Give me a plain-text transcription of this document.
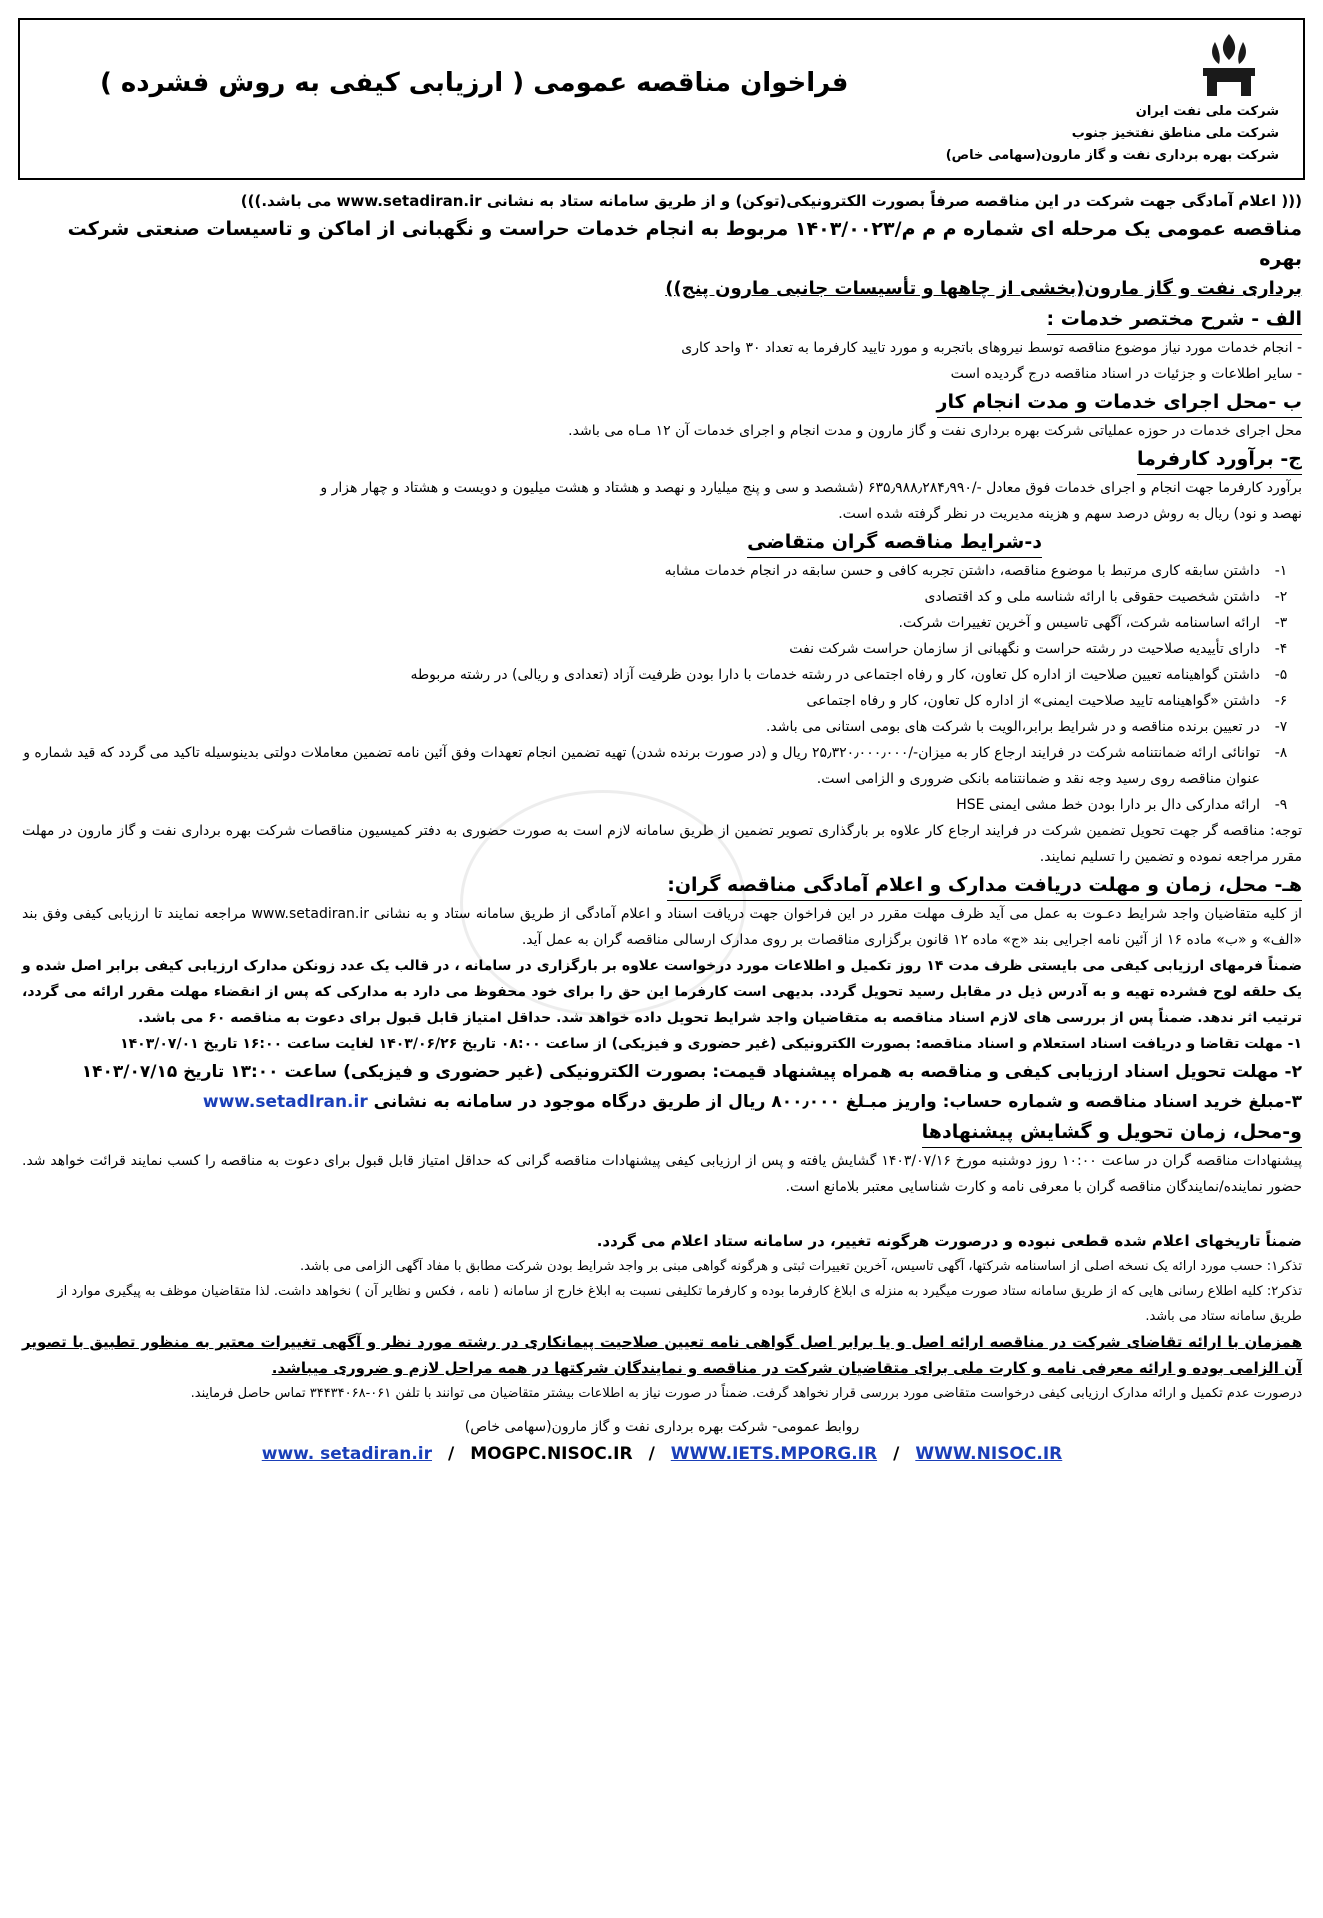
شرکت ملی نفت ایران
شرکت ملی مناطق نفتخیز جنوب
شرکت بهره برداری نفت و گاز مارون(سهامی خاص)
فراخوان مناقصه عمومی ( ارزیابی کیفی به روش فشرده )

((( اعلام آمادگی جهت شرکت در این مناقصه صرفاً بصورت الکترونیکی(توکن) و از طریق سامانه ستاد به نشانی www.setadiran.ir می باشد.)))

مناقصه عمومی یک مرحله ای شماره م م م/۱۴۰۳/۰۰۲۳ مربوط به انجام خدمات حراست و نگهبانی از اماکن و تاسیسات صنعتی شرکت بهره

برداری نفت و گاز مارون(بخشی از چاهها و تأسیسات جانبی مارون پنج))

الف - شرح مختصر خدمات :

- انجام خدمات مورد نیاز موضوع مناقصه توسط نیروهای باتجربه و مورد تایید کارفرما به تعداد ۳۰ واحد کاری

- سایر اطلاعات و جزئیات در اسناد مناقصه درج گردیده است

ب -محل اجرای خدمات و مدت انجام کار

محل اجرای خدمات در حوزه عملیاتی شرکت بهره برداری نفت و گاز مارون و مدت انجام و اجرای خدمات آن ۱۲ مـاه می باشد.

ج- برآورد کارفرما

برآورد کارفرما جهت انجام و اجرای خدمات فوق معادل -/۶۳۵٫۹۸۸٫۲۸۴٫۹۹۰ (ششصد و سی و پنج میلیارد و نهصد و هشتاد و هشت میلیون و دویست و هشتاد و چهار هزار و

نهصد و نود) ریال به روش درصد سهم و هزینه مدیریت در نظر گرفته شده است.

د-شرایط مناقصه گران متقاضی
۱-
داشتن سابقه کاری مرتبط با موضوع مناقصه، داشتن تجربه کافی و حسن سابقه در انجام خدمات مشابه
۲-
داشتن شخصیت حقوقی با ارائه شناسه ملی و کد اقتصادی
۳-
ارائه اساسنامه شرکت، آگهی تاسیس و آخرین تغییرات شرکت.
۴-
دارای تأییدیه صلاحیت در رشته حراست و نگهبانی از سازمان حراست شرکت نفت
۵-
داشتن گواهینامه تعیین صلاحیت از اداره کل تعاون، کار و رفاه اجتماعی در رشته خدمات با دارا بودن ظرفیت آزاد (تعدادی و ریالی) در رشته مربوطه
۶-
داشتن «گواهینامه تایید صلاحیت ایمنی» از اداره کل تعاون، کار و رفاه اجتماعی
۷-
در تعیین برنده مناقصه و در شرایط برابر،الویت با شرکت های بومی استانی می باشد.
۸-
توانائی ارائه ضمانتنامه شرکت در فرایند ارجاع کار به میزان-/۲۵٫۳۲۰٫۰۰۰٫۰۰۰ ریال و (در صورت برنده شدن) تهیه تضمین انجام تعهدات وفق آئین نامه تضمین معاملات دولتی بدینوسیله تاکید می گردد که قید شماره و عنوان مناقصه روی رسید وجه نقد و ضمانتنامه بانکی ضروری و الزامی است.
۹-
ارائه مدارکی دال بر دارا بودن خط مشی ایمنی HSE

توجه: مناقصه گر جهت تحویل تضمین شرکت در فرایند ارجاع کار علاوه بر بارگذاری تصویر تضمین از طریق سامانه لازم است به صورت حضوری به دفتر کمیسیون مناقصات شرکت بهره برداری نفت و گاز مارون در مهلت مقرر مراجعه نموده و تضمین را تسلیم نمایند.

هـ- محل، زمان و مهلت دریافت مدارک و اعلام آمادگی مناقصه گران:

از کلیه متقاضیان واجد شرایط دعـوت به عمل می آید ظرف مهلت مقرر در این فراخوان جهت دریافت اسناد و اعلام آمادگی از طریق سامانه ستاد و به نشانی www.setadiran.ir مراجعه نمایند تا ارزیابی کیفی وفق بند «الف» و «ب» ماده ۱۶ از آئین نامه اجرایی بند «ج» ماده ۱۲ قانون برگزاری مناقصات بر روی مدارک ارسالی مناقصه گران به عمل آید.

ضمناً فرمهای ارزیابی کیفی می بایستی ظرف مدت ۱۴ روز تکمیل و اطلاعات مورد درخواست علاوه بر بارگزاری در سامانه ، در قالب یک عدد زونکن مدارک ارزیابی کیفی برابر اصل شده و یک حلقه لوح فشرده تهیه و به آدرس ذیل در مقابل رسید تحویل گردد. بدیهی است کارفرما این حق را برای خود محفوظ می دارد به مدارکی که پس از انقضاء مهلت مقرر ارائه می گردد، ترتیب اثر ندهد. ضمناً پس از بررسی های لازم اسناد مناقصه به متقاضیان واجد شرایط تحویل داده خواهد شد. حداقل امتیاز قابل قبول برای دعوت به مناقصه ۶۰ می باشد.

۱- مهلت تقاضا و دریافت اسناد استعلام و اسناد مناقصه: بصورت الکترونیکی (غیر حضوری و فیزیکی) از ساعت ۰۸:۰۰ تاریخ ۱۴۰۳/۰۶/۲۶ لغایت ساعت ۱۶:۰۰ تاریخ ۱۴۰۳/۰۷/۰۱

۲- مهلت تحویل اسناد ارزیابی کیفی و مناقصه به همراه پیشنهاد قیمت: بصورت الکترونیکی (غیر حضوری و فیزیکی) ساعت ۱۳:۰۰ تاریخ ۱۴۰۳/۰۷/۱۵

۳-مبلغ خرید اسناد مناقصه و شماره حساب: واریز مبـلغ ۸۰۰٫۰۰۰ ریال از طریق درگاه موجود در سامانه به نشانی www.setadIran.ir

و-محل، زمان تحویل و گشایش پیشنهادها

پیشنهادات مناقصه گران در ساعت ۱۰:۰۰ روز دوشنبه مورخ ۱۴۰۳/۰۷/۱۶ گشایش یافته و پس از ارزیابی کیفی پیشنهادات مناقصه گرانی که حداقل امتیاز قابل قبول برای دعوت به مناقصه را کسب نمایند قرائت خواهد شد. حضور نماینده/نمایندگان مناقصه گران با معرفی نامه و کارت شناسایی معتبر بلامانع است.

ضمناً تاریخهای اعلام شده قطعی نبوده و درصورت هرگونه تغییر، در سامانه ستاد اعلام می گردد.

تذکر۱: حسب مورد ارائه یک نسخه اصلی از اساسنامه شرکتها، آگهی تاسیس، آخرین تغییرات ثبتی و هرگونه گواهی مبنی بر واجد شرایط بودن شرکت مطابق با مفاد آگهی الزامی می باشد.

تذکر۲: کلیه اطلاع رسانی هایی که از طریق سامانه ستاد صورت میگیرد به منزله ی ابلاغ کارفرما بوده و کارفرما تکلیفی نسبت به ابلاغ خارج از سامانه ( نامه ، فکس و نظایر آن ) نخواهد داشت. لذا متقاضیان موظف به پیگیری موارد از طریق سامانه ستاد می باشد.

همزمان با ارائه تقاضای شرکت در مناقصه ارائه اصل و یا برابر اصل گواهی نامه تعیین صلاحیت پیمانکاری در رشته مورد نظر و آگهی تغییرات معتبر به منظور تطبیق با تصویر آن الزامی بوده و ارائه معرفی نامه و کارت ملی برای متقاضیان شرکت در مناقصه و نمایندگان شرکتها در همه مراحل لازم و ضروری میباشد.

درصورت عدم تکمیل و ارائه مدارک ارزیابی کیفی درخواست متقاضی مورد بررسی قرار نخواهد گرفت. ضمناً در صورت نیاز به اطلاعات بیشتر متقاضیان می توانند با تلفن ۰۶۱-۳۴۴۳۴۰۶۸ تماس حاصل فرمایند.

روابط عمومی- شرکت بهره برداری نفت و گاز مارون(سهامی خاص)

www. setadiran.ir / MOGPC.NISOC.IR / WWW.IETS.MPORG.IR / WWW.NISOC.IR
